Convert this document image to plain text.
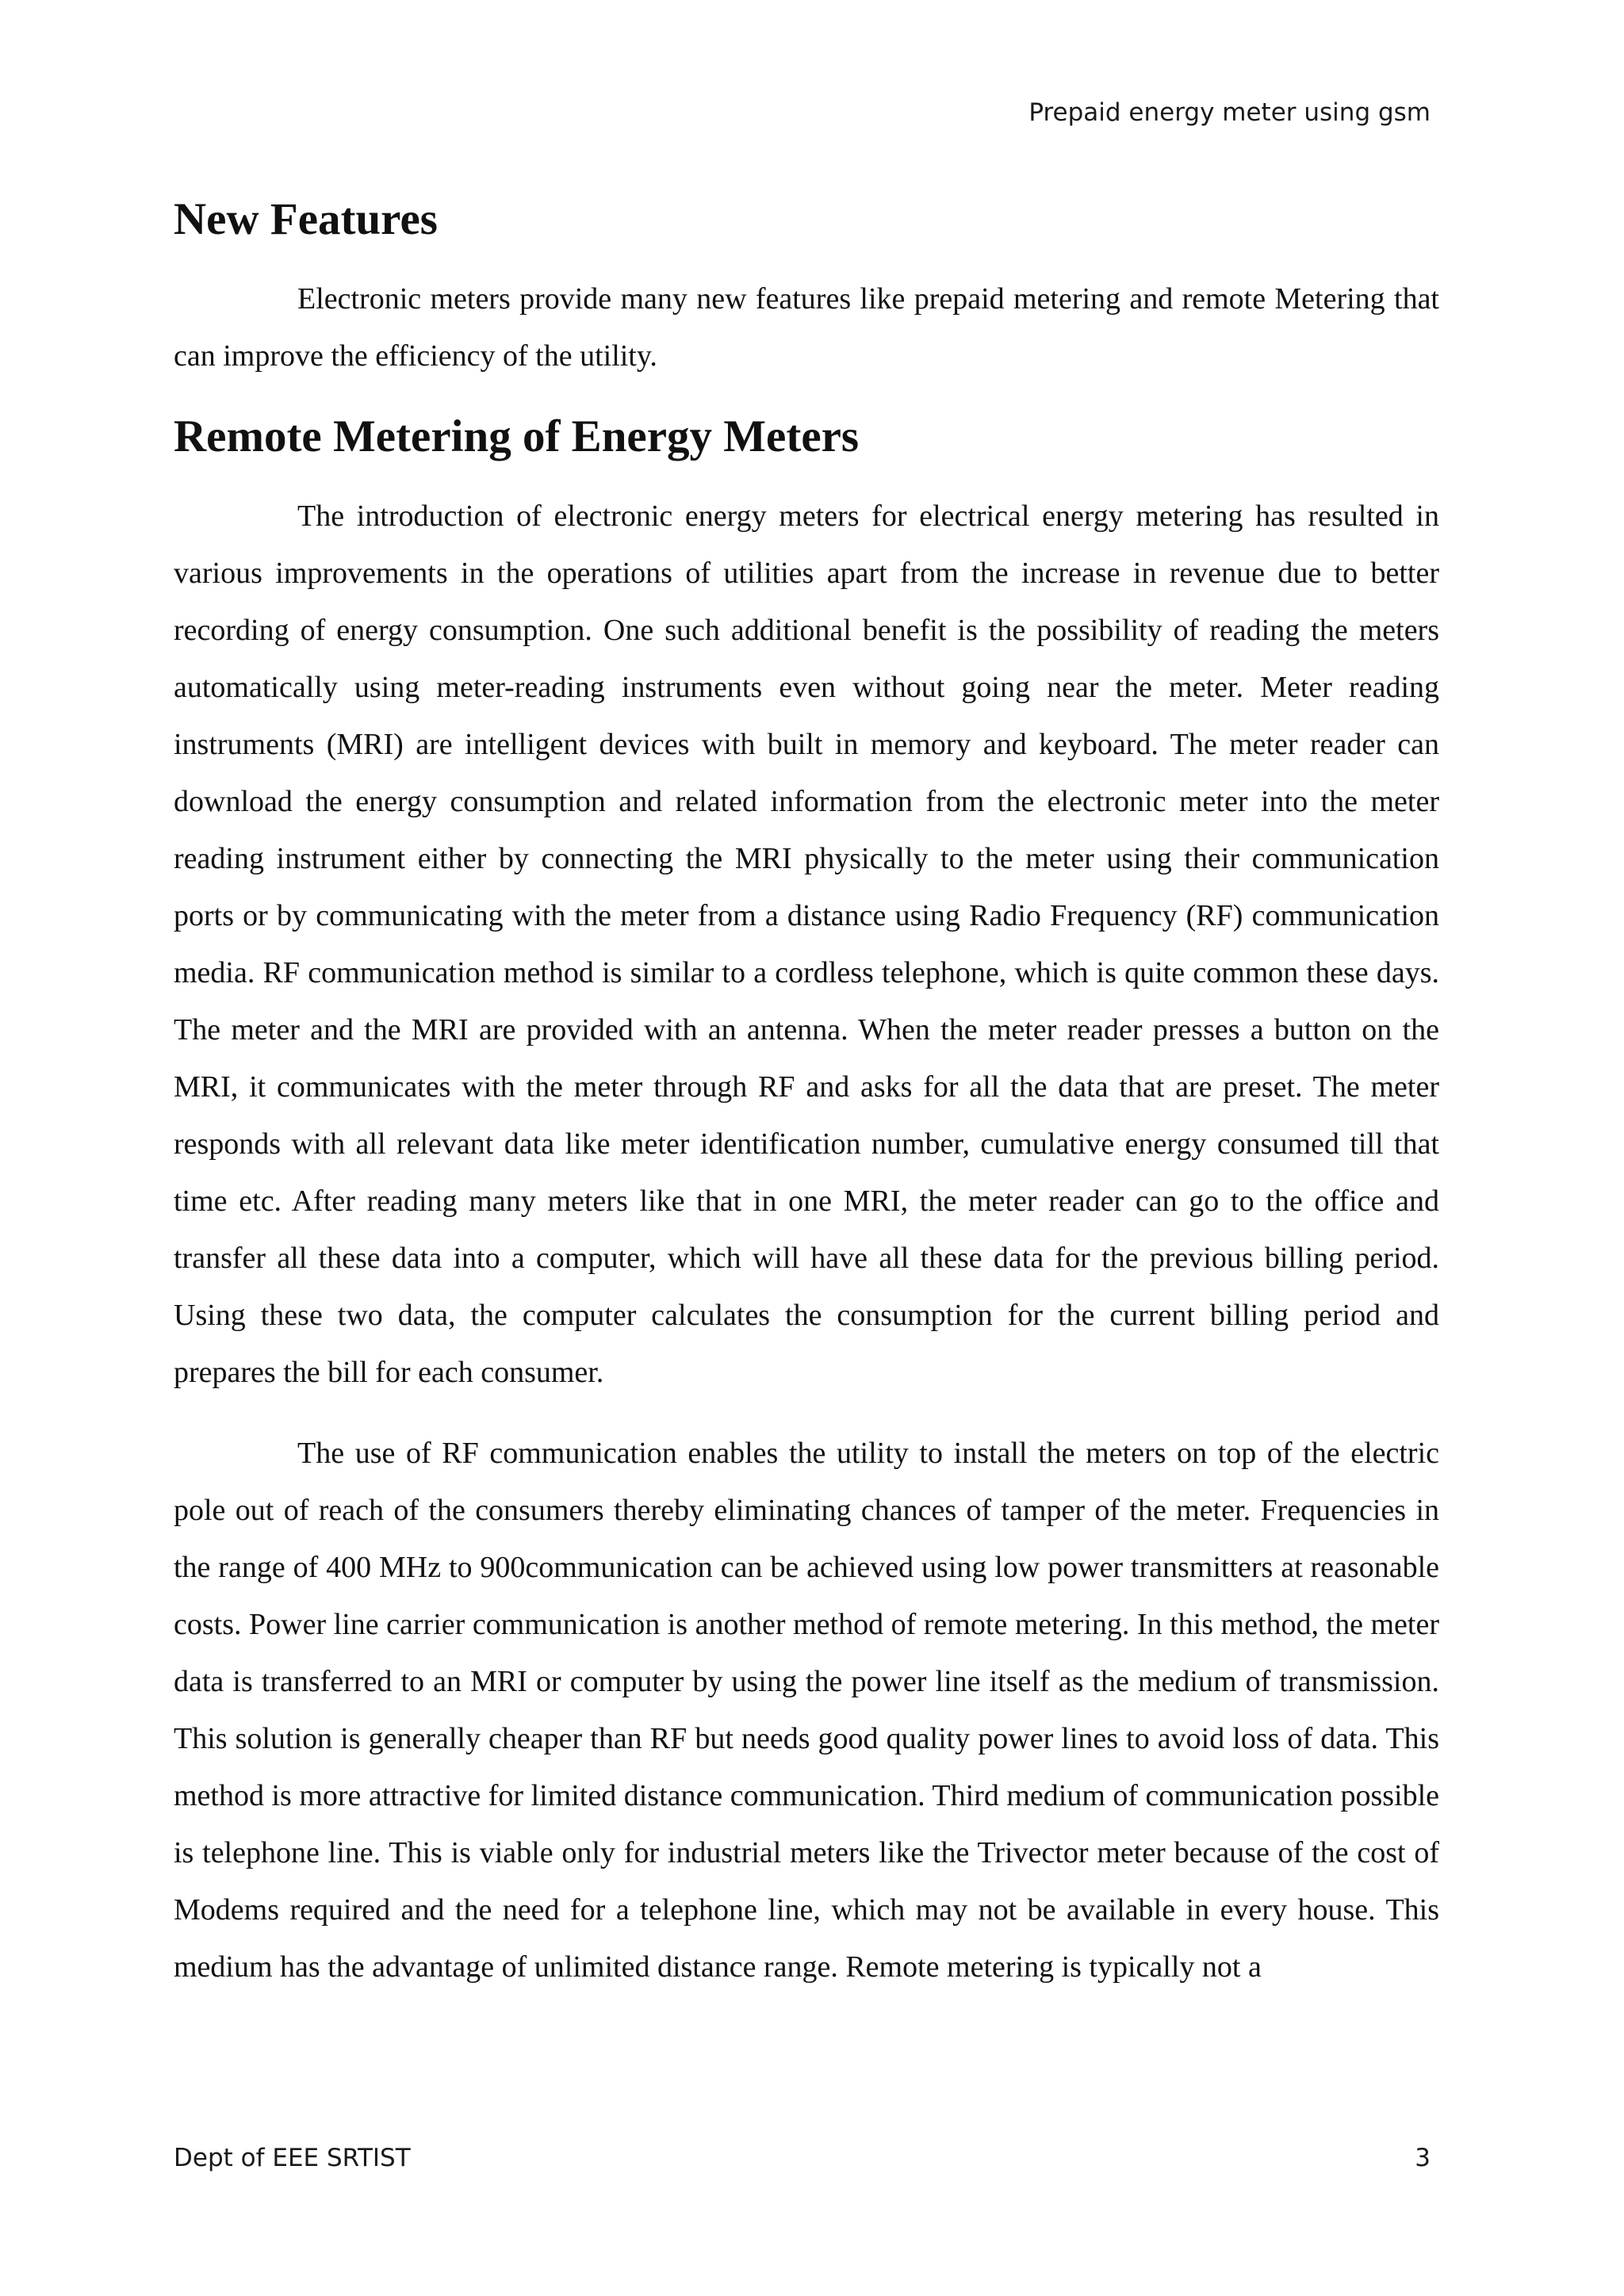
Prepaid energy meter using gsm
New Features

Electronic meters provide many new features like prepaid metering and remote Metering that can improve the efficiency of the utility.

Remote Metering of Energy Meters

The introduction of electronic energy meters for electrical energy metering has resulted in various improvements in the operations of utilities apart from the increase in revenue due to better recording of energy consumption. One such additional benefit is the possibility of reading the meters automatically using meter-reading instruments even without going near the meter. Meter reading instruments (MRI) are intelligent devices with built in memory and keyboard. The meter reader can download the energy consumption and related information from the electronic meter into the meter reading instrument either by connecting the MRI physically to the meter using their communication ports or by communicating with the meter from a distance using Radio Frequency (RF) communication media. RF communication method is similar to a cordless telephone, which is quite common these days. The meter and the MRI are provided with an antenna. When the meter reader presses a button on the MRI, it communicates with the meter through RF and asks for all the data that are preset. The meter responds with all relevant data like meter identification number, cumulative energy consumed till that time etc. After reading many meters like that in one MRI, the meter reader can go to the office and transfer all these data into a computer, which will have all these data for the previous billing period. Using these two data, the computer calculates the consumption for the current billing period and prepares the bill for each consumer.

The use of RF communication enables the utility to install the meters on top of the electric pole out of reach of the consumers thereby eliminating chances of tamper of the meter. Frequencies in the range of 400 MHz to 900communication can be achieved using low power transmitters at reasonable costs. Power line carrier communication is another method of remote metering. In this method, the meter data is transferred to an MRI or computer by using the power line itself as the medium of transmission. This solution is generally cheaper than RF but needs good quality power lines to avoid loss of data. This method is more attractive for limited distance communication. Third medium of communication possible is telephone line. This is viable only for industrial meters like the Trivector meter because of the cost of Modems required and the need for a telephone line, which may not be available in every house. This medium has the advantage of unlimited distance range. Remote metering is typically not a

Dept of EEE SRTIST	3
